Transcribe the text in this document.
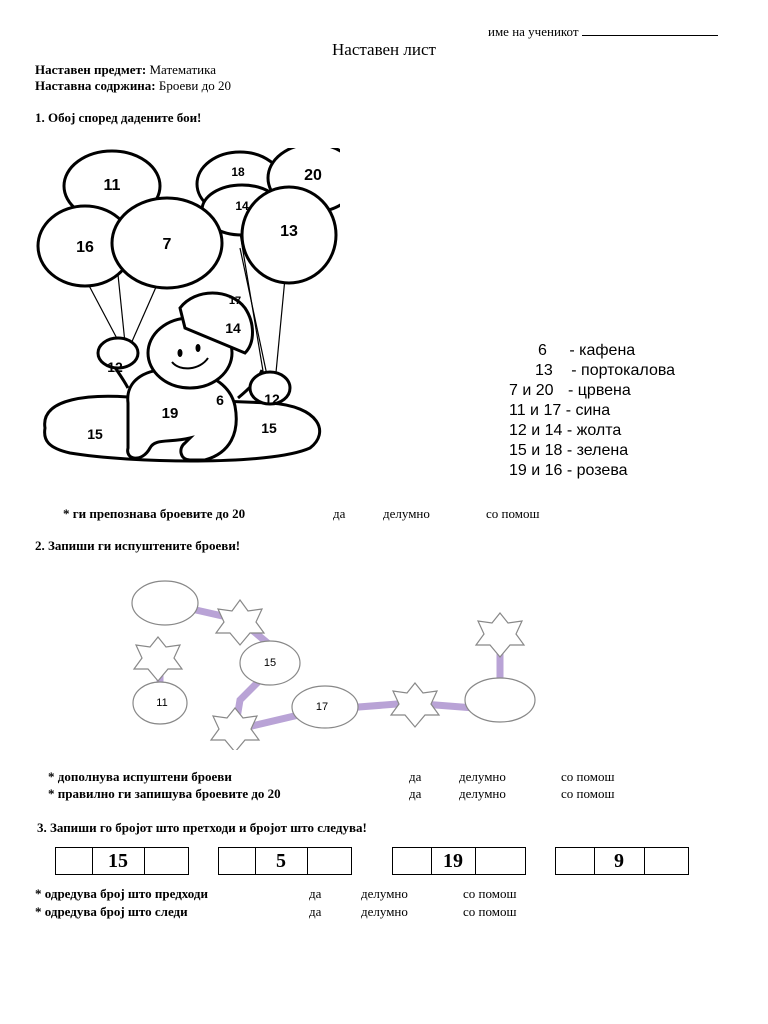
име на ученикот
Наставен лист
Наставен предмет: Математика
Наставна содржина: Броеви до 20
1. Обој според дадените бои!
11
18	20
14
16	7
13
17
14
12
6	12
19
15	15
6 - кафена
13 - портокалова
7 и 20 - црвена
11 и 17 - сина
12 и 14 - жолта
15 и 18 - зелена
19 и 16 - розева
* ги препознава броевите до 20	да	делумно	со помош
2. Запиши ги испуштените броеви!
15
11	17
* дополнува испуштени броеви	да	делумно	со помош
* правилно ги запишува броевите до 20	да	делумно	со помош
3. Запиши го бројот што претходи и бројот што следува!
15	5	19	9
* одредува број што предходи	да	делумно	со помош
* одредува број што следи	да	делумно	со помош
